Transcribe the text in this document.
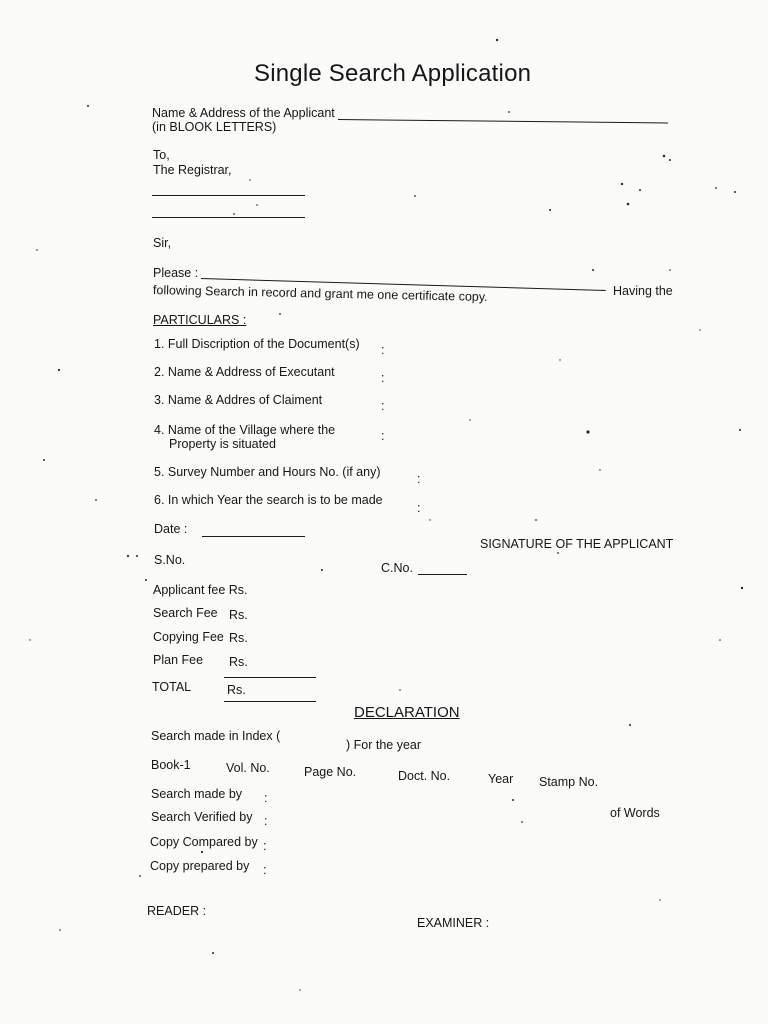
Single Search Application
Name & Address of the Applicant
(in BLOOK LETTERS)
To,
The Registrar,
Sir,
Please :
Having the
following Search in record and grant me one certificate copy.
PARTICULARS :
1. Full Discription of the Document(s) :
2. Name & Address of Executant	:
3. Name & Addres of Claiment	:
4. Name of the Village where the
Property is situated
:
5. Survey Number and Hours No. (if any)	:
6. In which Year the search is to be made
:
Date :
SIGNATURE OF THE APPLICANT
S.No.
C.No.
Applicant fee Rs.
Search Fee Rs.
Copying Fee Rs.
Plan Fee Rs.
TOTAL	Rs.
DECLARATION
Search made in Index (
) For the year
Book-1	Vol. No.	Page No.	Doct. No.	Year Stamp No.
Search made by :
of Words
Search Verified by :
Copy Compared by :
Copy prepared by :
READER :
EXAMINER :
